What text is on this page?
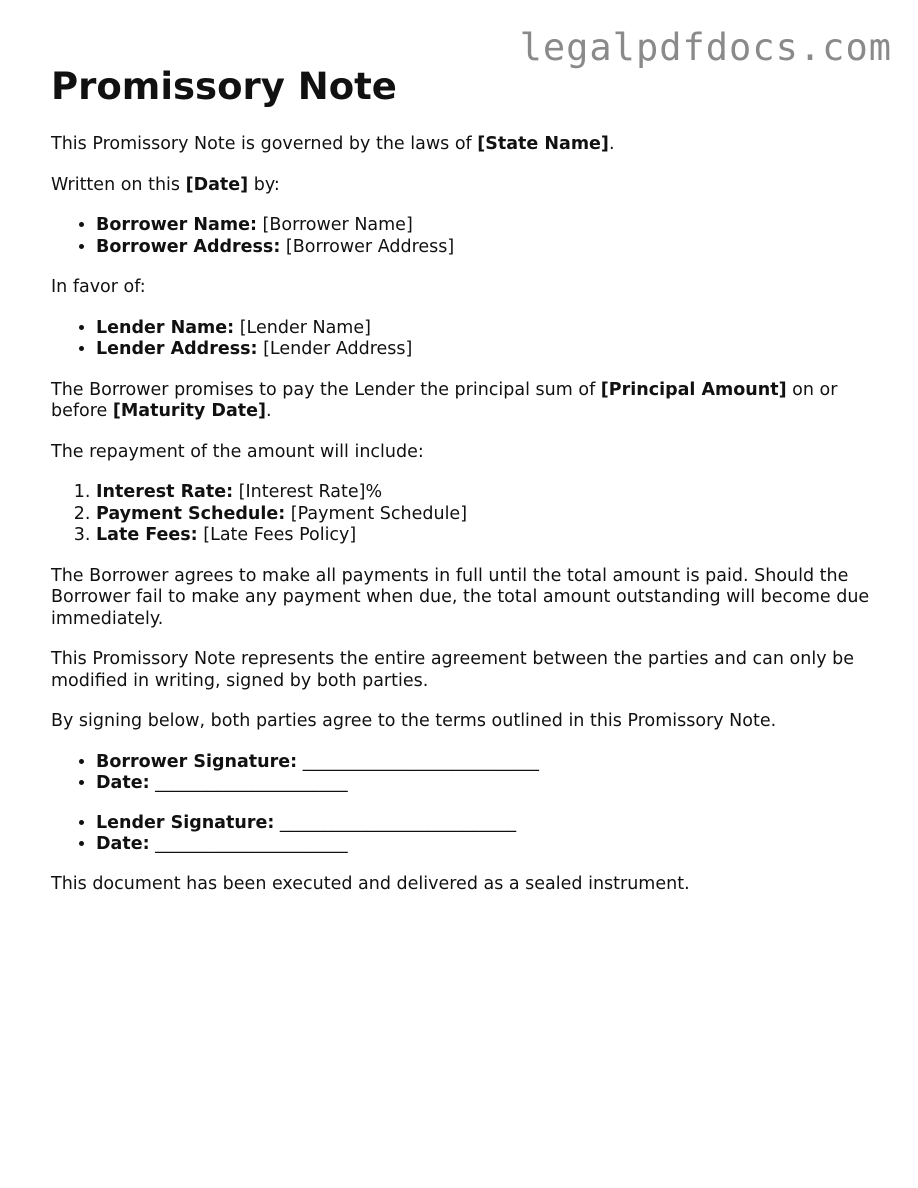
legalpdfdocs.com
Promissory Note

This Promissory Note is governed by the laws of [State Name].

Written on this [Date] by:

• Borrower Name: [Borrower Name]
• Borrower Address: [Borrower Address]

In favor of:

• Lender Name: [Lender Name]
• Lender Address: [Lender Address]

The Borrower promises to pay the Lender the principal sum of [Principal Amount] on or before [Maturity Date].

The repayment of the amount will include:

1. Interest Rate: [Interest Rate]%
2. Payment Schedule: [Payment Schedule]
3. Late Fees: [Late Fees Policy]

The Borrower agrees to make all payments in full until the total amount is paid. Should the Borrower fail to make any payment when due, the total amount outstanding will become due immediately.

This Promissory Note represents the entire agreement between the parties and can only be modified in writing, signed by both parties.

By signing below, both parties agree to the terms outlined in this Promissory Note.

• Borrower Signature: ___________________________
• Date: ______________________
• Lender Signature: ___________________________
• Date: ______________________

This document has been executed and delivered as a sealed instrument.
